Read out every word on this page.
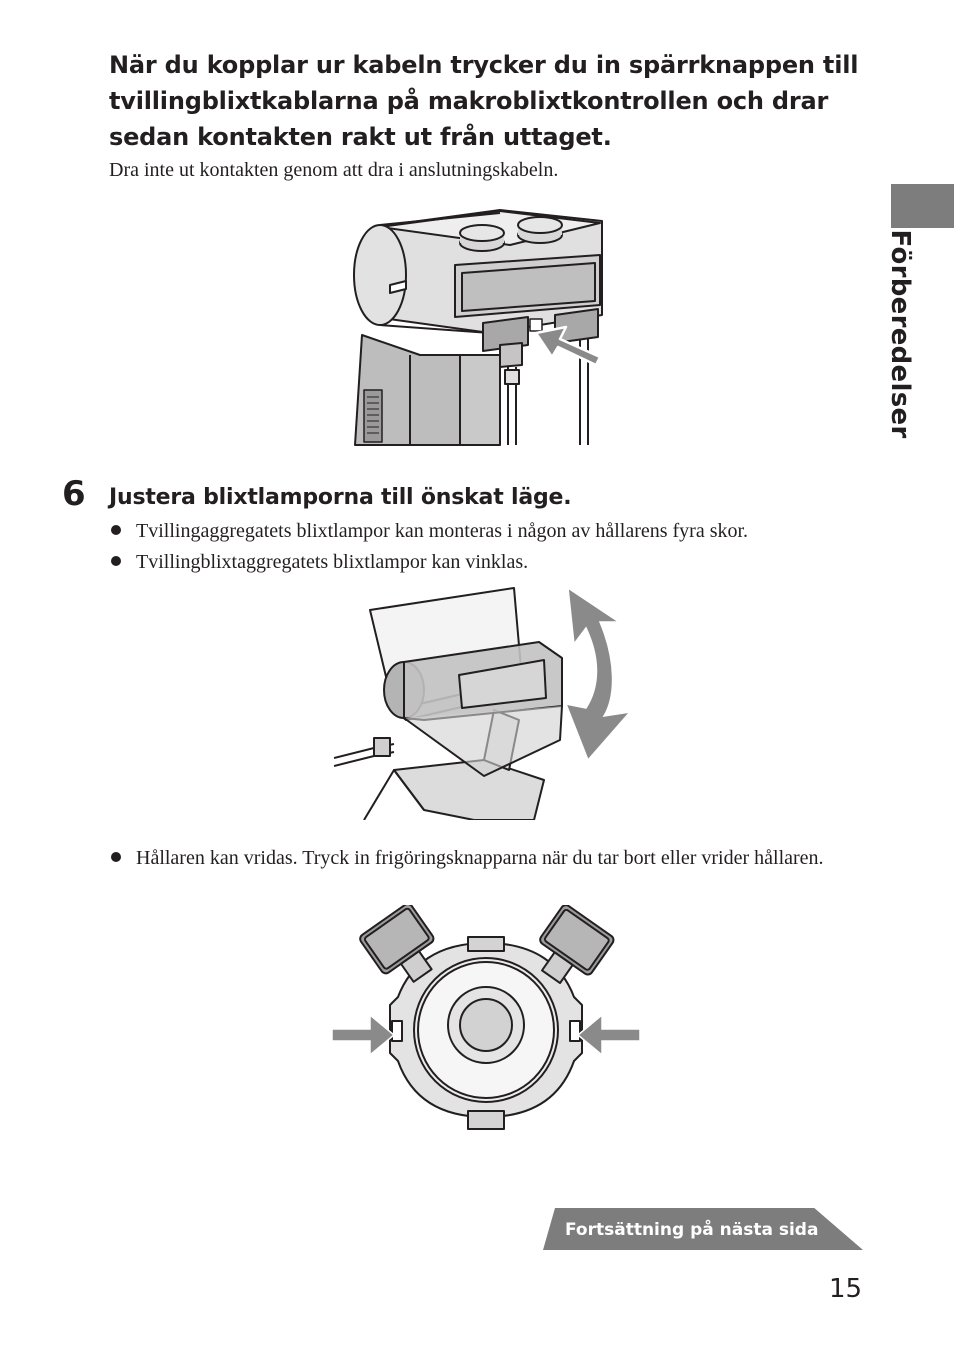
När du kopplar ur kabeln trycker du in spärrknappen till tvillingblixtkablarna på makroblixtkontrollen och drar sedan kontakten rakt ut från uttaget.
Dra inte ut kontakten genom att dra i anslutningskabeln.
Förberedelser
6 Justera blixtlamporna till önskat läge.
Tvillingaggregatets blixtlampor kan monteras i någon av hållarens fyra skor.
Tvillingblixtaggregatets blixtlampor kan vinklas.
Hållaren kan vridas. Tryck in frigöringsknapparna när du tar bort eller vrider hållaren.
Fortsättning på nästa sida
15
